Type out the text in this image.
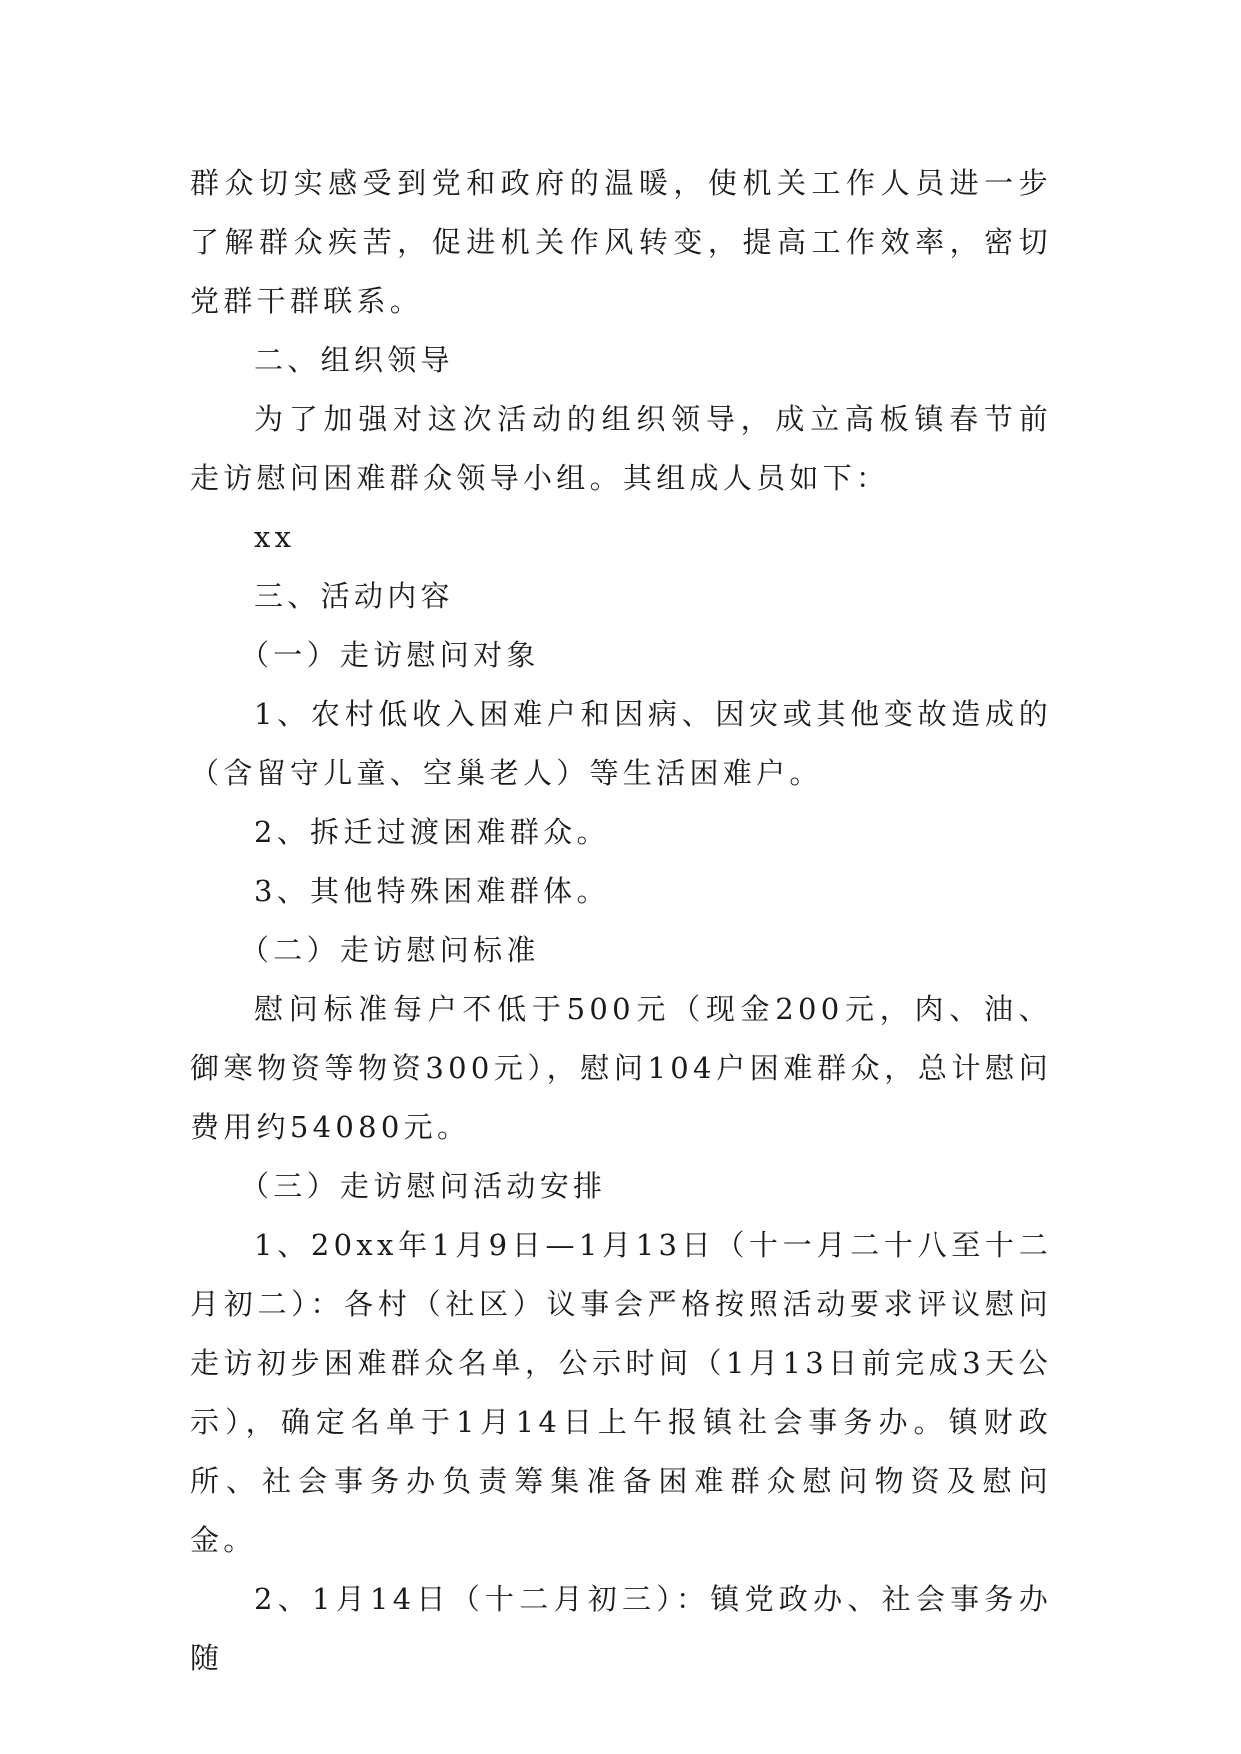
群众切实感受到党和政府的温暖，使机关工作人员进一步了解群众疾苦，促进机关作风转变，提高工作效率，密切党群干群联系。

二、组织领导

为了加强对这次活动的组织领导，成立高板镇春节前走访慰问困难群众领导小组。其组成人员如下：

xx

三、活动内容

（一）走访慰问对象

1、农村低收入困难户和因病、因灾或其他变故造成的（含留守儿童、空巢老人）等生活困难户。

2、拆迁过渡困难群众。

3、其他特殊困难群体。

（二）走访慰问标准

慰问标准每户不低于500元（现金200元，肉、油、御寒物资等物资300元），慰问104户困难群众，总计慰问费用约54080元。

（三）走访慰问活动安排

1、20xx年1月9日—1月13日（十一月二十八至十二月初二）：各村（社区）议事会严格按照活动要求评议慰问走访初步困难群众名单，公示时间（1月13日前完成3天公示），确定名单于1月14日上午报镇社会事务办。镇财政所、社会事务办负责筹集准备困难群众慰问物资及慰问金。

2、1月14日（十二月初三）：镇党政办、社会事务办随
